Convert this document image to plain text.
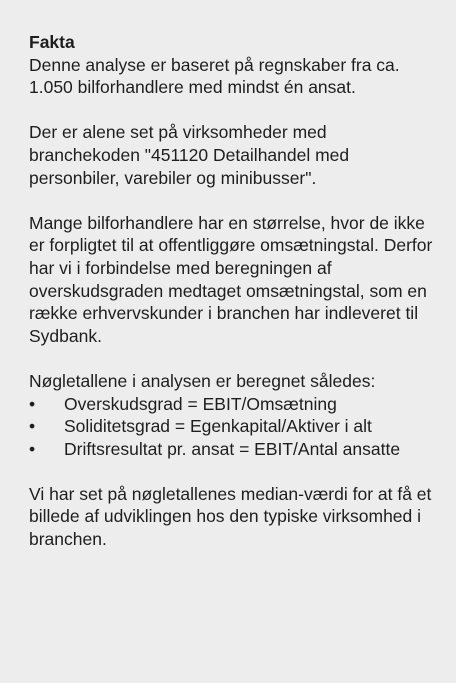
Fakta

Denne analyse er baseret på regnskaber fra ca. 1.050 bilforhandlere med mindst én ansat.

Der er alene set på virksomheder med branchekoden "451120 Detailhandel med personbiler, varebiler og minibusser".

Mange bilforhandlere har en størrelse, hvor de ikke er forpligtet til at offentliggøre omsætningstal. Derfor har vi i forbindelse med beregningen af overskudsgraden medtaget omsætningstal, som en række erhvervskunder i branchen har indleveret til Sydbank.

Nøgletallene i analysen er beregnet således:
•	Overskudsgrad = EBIT/Omsætning
•	Soliditetsgrad = Egenkapital/Aktiver i alt
•	Driftsresultat pr. ansat = EBIT/Antal ansatte

Vi har set på nøgletallenes median-værdi for at få et billede af udviklingen hos den typiske virksomhed i branchen.
